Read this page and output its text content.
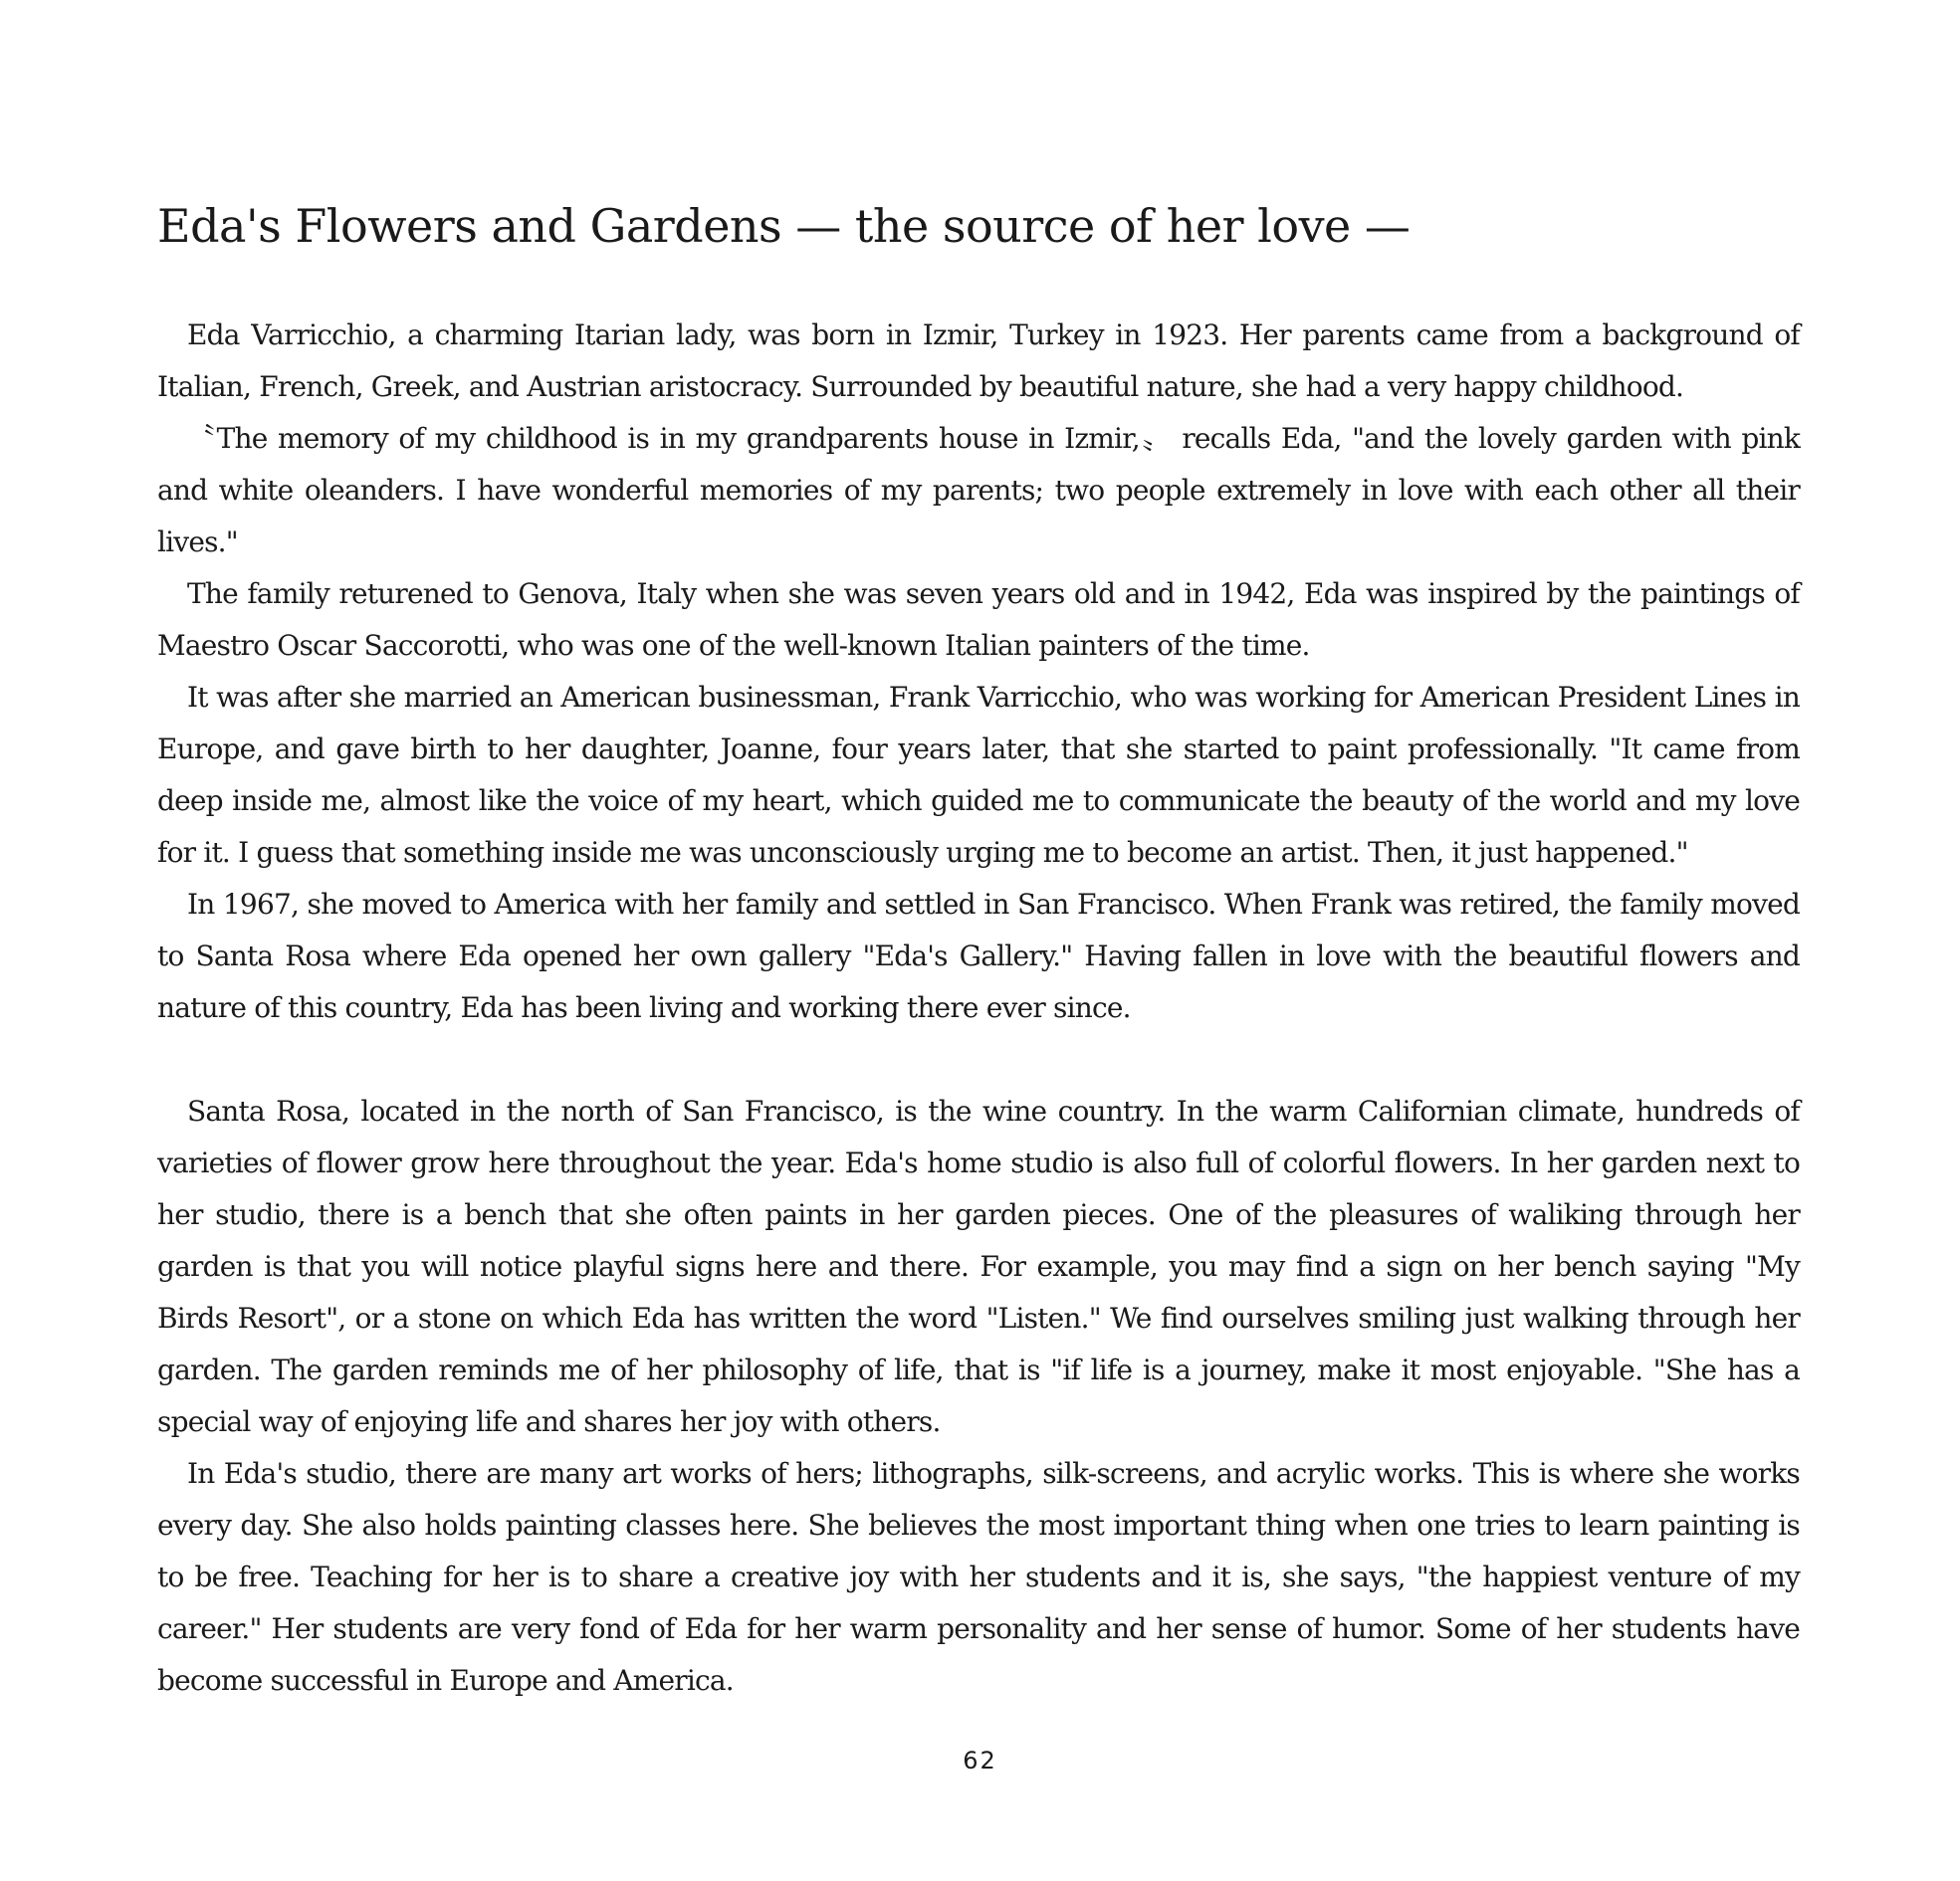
Eda's Flowers and Gardens — the source of her love —

Eda Varricchio, a charming Itarian lady, was born in Izmir, Turkey in 1923. Her parents came from a background of Italian, French, Greek, and Austrian aristocracy. Surrounded by beautiful nature, she had a very happy childhood.

〝The memory of my childhood is in my grandparents house in Izmir,〟 recalls Eda, "and the lovely garden with pink and white oleanders. I have wonderful memories of my parents; two people extremely in love with each other all their lives."

The family returened to Genova, Italy when she was seven years old and in 1942, Eda was inspired by the paintings of Maestro Oscar Saccorotti, who was one of the well-known Italian painters of the time.

It was after she married an American businessman, Frank Varricchio, who was working for American President Lines in Europe, and gave birth to her daughter, Joanne, four years later, that she started to paint professionally. "It came from deep inside me, almost like the voice of my heart, which guided me to communicate the beauty of the world and my love for it. I guess that something inside me was unconsciously urging me to become an artist. Then, it just happened."

In 1967, she moved to America with her family and settled in San Francisco. When Frank was retired, the family moved to Santa Rosa where Eda opened her own gallery "Eda's Gallery." Having fallen in love with the beautiful flowers and nature of this country, Eda has been living and working there ever since.

Santa Rosa, located in the north of San Francisco, is the wine country. In the warm Californian climate, hundreds of varieties of flower grow here throughout the year. Eda's home studio is also full of colorful flowers. In her garden next to her studio, there is a bench that she often paints in her garden pieces. One of the pleasures of waliking through her garden is that you will notice playful signs here and there. For example, you may find a sign on her bench saying "My Birds Resort", or a stone on which Eda has written the word "Listen." We find ourselves smiling just walking through her garden. The garden reminds me of her philosophy of life, that is "if life is a journey, make it most enjoyable. "She has a special way of enjoying life and shares her joy with others.

In Eda's studio, there are many art works of hers; lithographs, silk-screens, and acrylic works. This is where she works every day. She also holds painting classes here. She believes the most important thing when one tries to learn painting is to be free. Teaching for her is to share a creative joy with her students and it is, she says, "the happiest venture of my career." Her students are very fond of Eda for her warm personality and her sense of humor. Some of her students have become successful in Europe and America.

62
